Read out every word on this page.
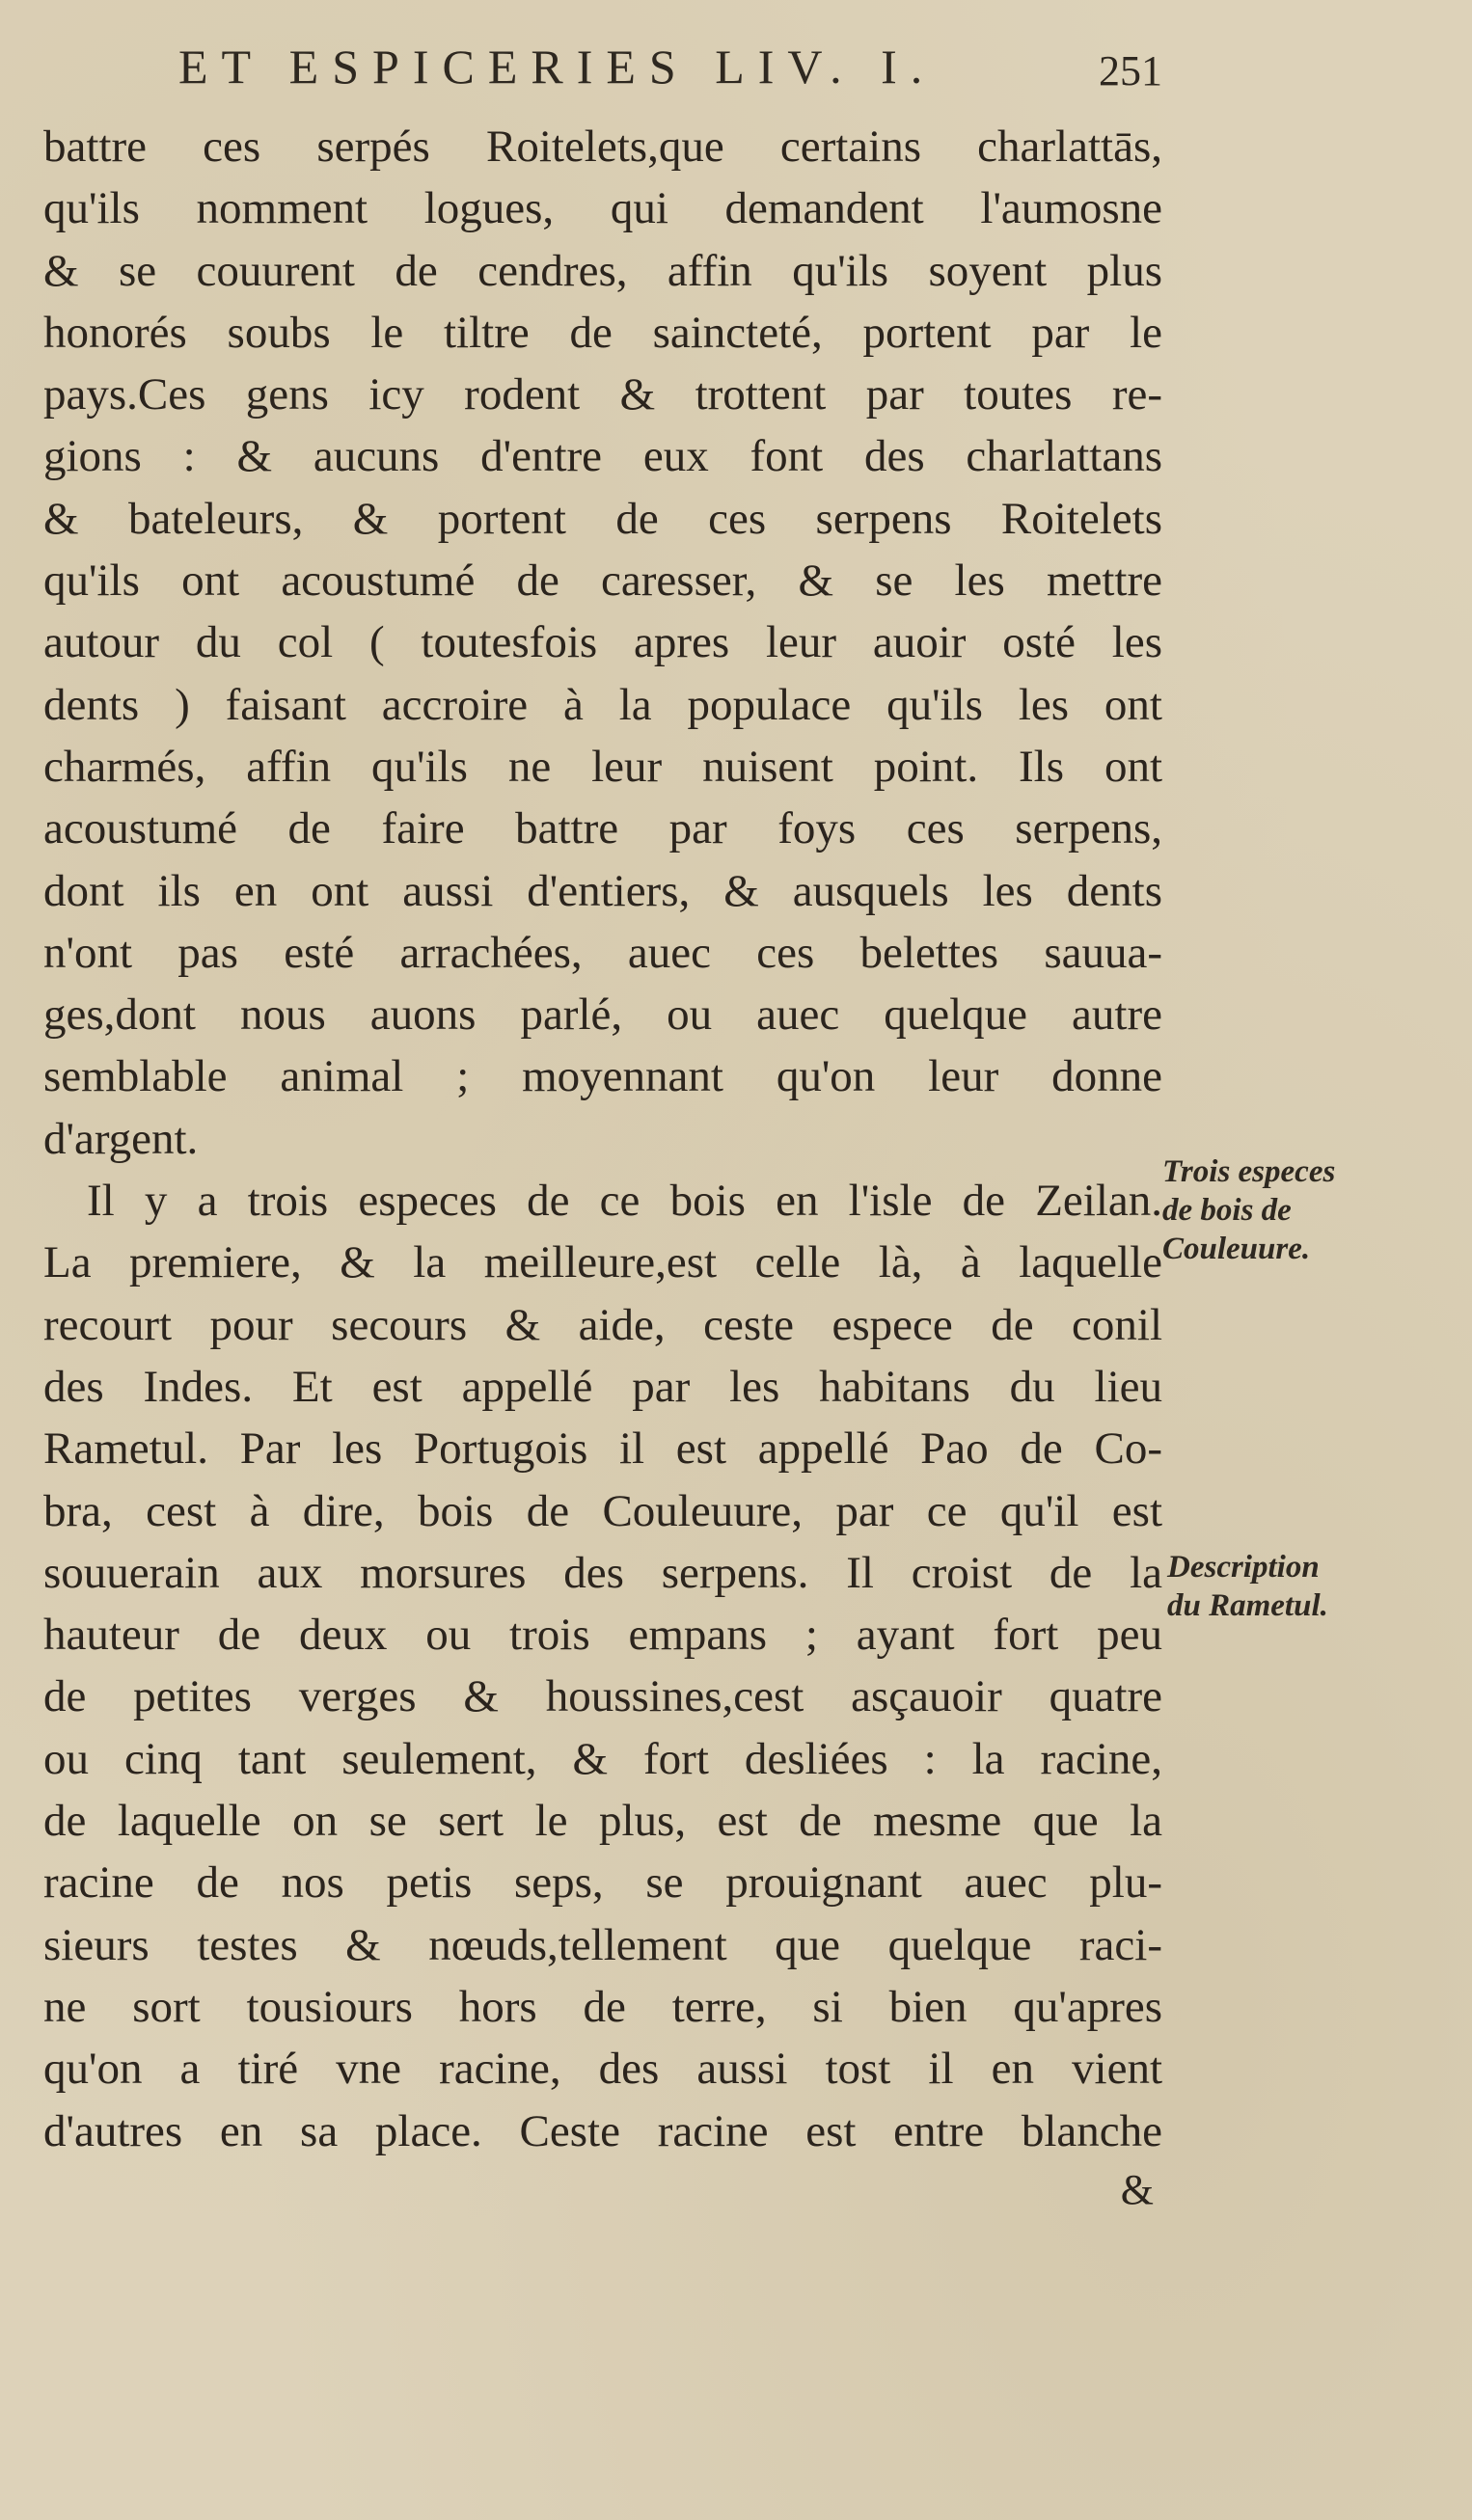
ET ESPICERIES LIV. I.	251
battre ces serpés Roitelets,que certains charlattās,
qu'ils nomment logues, qui demandent l'aumosne
& se couurent de cendres, affin qu'ils soyent plus
honorés soubs le tiltre de saincteté, portent par le
pays.Ces gens icy rodent & trottent par toutes re-
gions : & aucuns d'entre eux font des charlattans
& bateleurs, & portent de ces serpens Roitelets
qu'ils ont acoustumé de caresser, & se les mettre
autour du col ( toutesfois apres leur auoir osté les
dents ) faisant accroire à la populace qu'ils les ont
charmés, affin qu'ils ne leur nuisent point. Ils ont
acoustumé de faire battre par foys ces serpens,
dont ils en ont aussi d'entiers, & ausquels les dents
n'ont pas esté arrachées, auec ces belettes sauua-
ges,dont nous auons parlé, ou auec quelque autre
semblable animal ; moyennant qu'on leur donne
d'argent.
Il y a trois especes de ce bois en l'isle de Zeilan.
La premiere, & la meilleure,est celle là, à laquelle
recourt pour secours & aide, ceste espece de conil
des Indes. Et est appellé par les habitans du lieu
Rametul. Par les Portugois il est appellé Pao de Co-
bra, cest à dire, bois de Couleuure, par ce qu'il est
souuerain aux morsures des serpens. Il croist de la
hauteur de deux ou trois empans ; ayant fort peu
de petites verges & houssines,cest asçauoir quatre
ou cinq tant seulement, & fort desliées : la racine,
de laquelle on se sert le plus, est de mesme que la
racine de nos petis seps, se prouignant auec plu-
sieurs testes & nœuds,tellement que quelque raci-
ne sort tousiours hors de terre, si bien qu'apres
qu'on a tiré vne racine, des aussi tost il en vient
d'autres en sa place. Ceste racine est entre blanche
Trois especes
de bois de
Couleuure.
Description
du Rametul.
&
